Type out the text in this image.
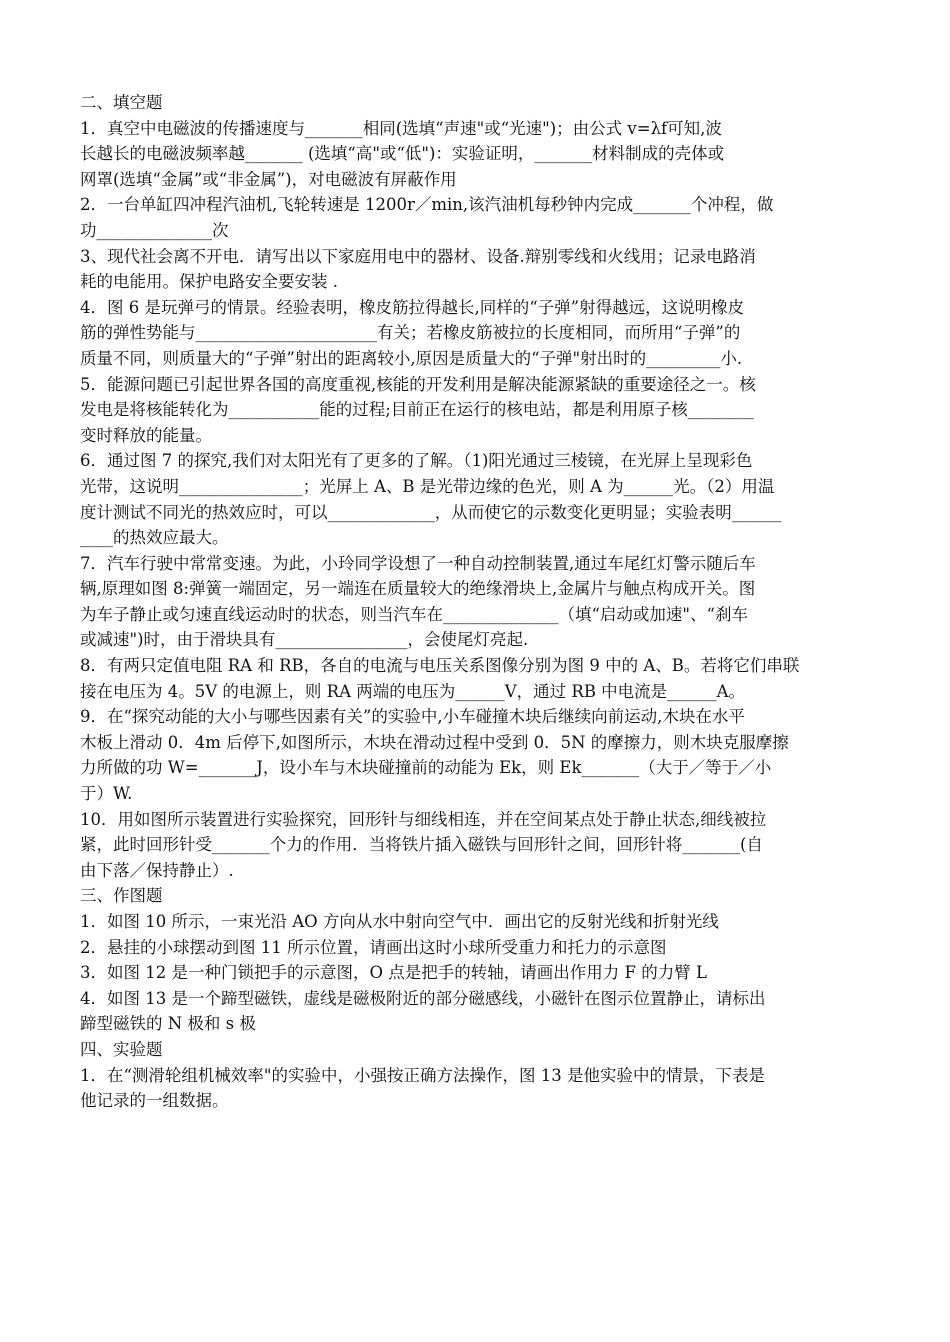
二、填空题
1．真空中电磁波的传播速度与_______相同(选填“声速"或“光速")；由公式 v=λf可知,波
长越长的电磁波频率越_______ (选填“高"或“低")：实验证明，_______材料制成的壳体或
网罩(选填“金属”或“非金属”)，对电磁波有屏蔽作用
2．一台单缸四冲程汽油机,飞轮转速是 1200r／min,该汽油机每秒钟内完成_______个冲程，做
功______________次
3、现代社会离不开电．请写出以下家庭用电中的器材、设备.辩别零线和火线用；记录电路消
耗的电能用。保护电路安全要安装 .
4．图 6 是玩弹弓的情景。经验表明，橡皮筋拉得越长,同样的“子弹”射得越远，这说明橡皮
筋的弹性势能与______________________有关；若橡皮筋被拉的长度相同，而所用“子弹”的
质量不同，则质量大的“子弹”射出的距离较小,原因是质量大的“子弹"射出时的_________小.
5．能源问题已引起世界各国的高度重视,核能的开发利用是解决能源紧缺的重要途径之一。核
发电是将核能转化为___________能的过程;目前正在运行的核电站，都是利用原子核________
变时释放的能量。
6．通过图 7 的探究,我们对太阳光有了更多的了解。（1)阳光通过三棱镜，在光屏上呈现彩色
光带，这说明_______________；光屏上 A、B 是光带边缘的色光，则 A 为______光。（2）用温
度计测试不同光的热效应时，可以_____________，从而使它的示数变化更明显；实验表明______
____的热效应最大。
7．汽车行驶中常常变速。为此，小玲同学设想了一种自动控制装置,通过车尾红灯警示随后车
辆,原理如图 8:弹簧一端固定，另一端连在质量较大的绝缘滑块上,金属片与触点构成开关。图
为车子静止或匀速直线运动时的状态，则当汽车在______________（填“启动或加速"、“刹车
或减速")时，由于滑块具有________________，会使尾灯亮起.
8．有两只定值电阻 RA 和 RB，各自的电流与电压关系图像分别为图 9 中的 A、B。若将它们串联
接在电压为 4。5V 的电源上，则 RA 两端的电压为______V，通过 RB 中电流是______A。
9．在“探究动能的大小与哪些因素有关”的实验中,小车碰撞木块后继续向前运动,木块在水平
木板上滑动 0．4m 后停下,如图所示，木块在滑动过程中受到 0．5N 的摩擦力，则木块克服摩擦
力所做的功 W=_______J，设小车与木块碰撞前的动能为 Ek，则 Ek_______（大于／等于／小
于）W.
10．用如图所示装置进行实验探究，回形针与细线相连，并在空间某点处于静止状态,细线被拉
紧，此时回形针受_______个力的作用．当将铁片插入磁铁与回形针之间，回形针将_______(自
由下落／保持静止）.
三、作图题
1．如图 10 所示，一束光沿 AO 方向从水中射向空气中．画出它的反射光线和折射光线
2．悬挂的小球摆动到图 11 所示位置，请画出这时小球所受重力和托力的示意图
3．如图 12 是一种门锁把手的示意图，O 点是把手的转轴，请画出作用力 F 的力臂 L
4．如图 13 是一个蹄型磁铁，虚线是磁极附近的部分磁感线，小磁针在图示位置静止，请标出
蹄型磁铁的 N 极和 s 极
四、实验题
1．在“测滑轮组机械效率"的实验中，小强按正确方法操作，图 13 是他实验中的情景，下表是
他记录的一组数据。
